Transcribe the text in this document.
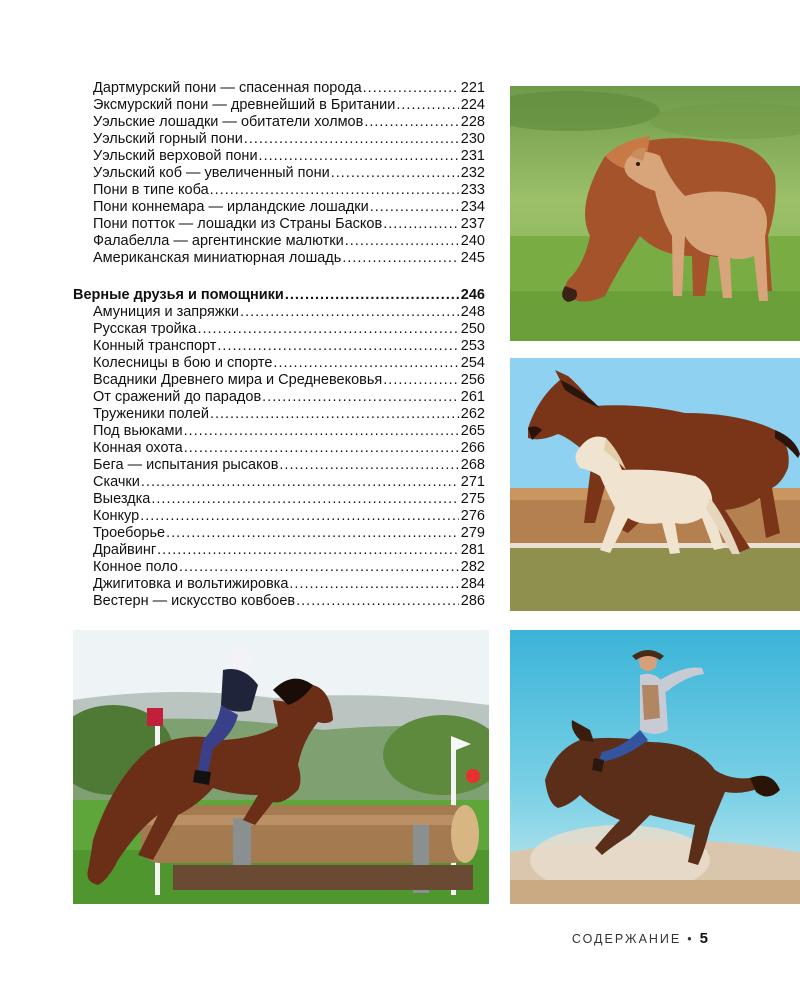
Дартмурский пони — спасенная порода .....	221
Эксмурский пони — древнейший в Британии .....	224
Уэльские лошадки — обитатели холмов .....	228
Уэльский горный пони .....	230
Уэльский верховой пони .....	231
Уэльский коб — увеличенный пони .....	232
Пони в типе коба .....	233
Пони коннемара — ирландские лошадки .....	234
Пони потток — лошадки из Страны Басков .....	237
Фалабелла — аргентинские малютки .....	240
Американская миниатюрная лошадь .....	245
Верные друзья и помощники .....	246
Амуниция и запряжки .....	248
Русская тройка .....	250
Конный транспорт .....	253
Колесницы в бою и спорте .....	254
Всадники Древнего мира и Средневековья .....	256
От сражений до парадов .....	261
Труженики полей .....	262
Под вьюками .....	265
Конная охота .....	266
Бега — испытания рысаков .....	268
Скачки .....	271
Выездка .....	275
Конкур .....	276
Троеборье .....	279
Драйвинг .....	281
Конное поло .....	282
Джигитовка и вольтижировка .....	284
Вестерн — искусство ковбоев .....	286
СОДЕРЖАНИЕ • 5
